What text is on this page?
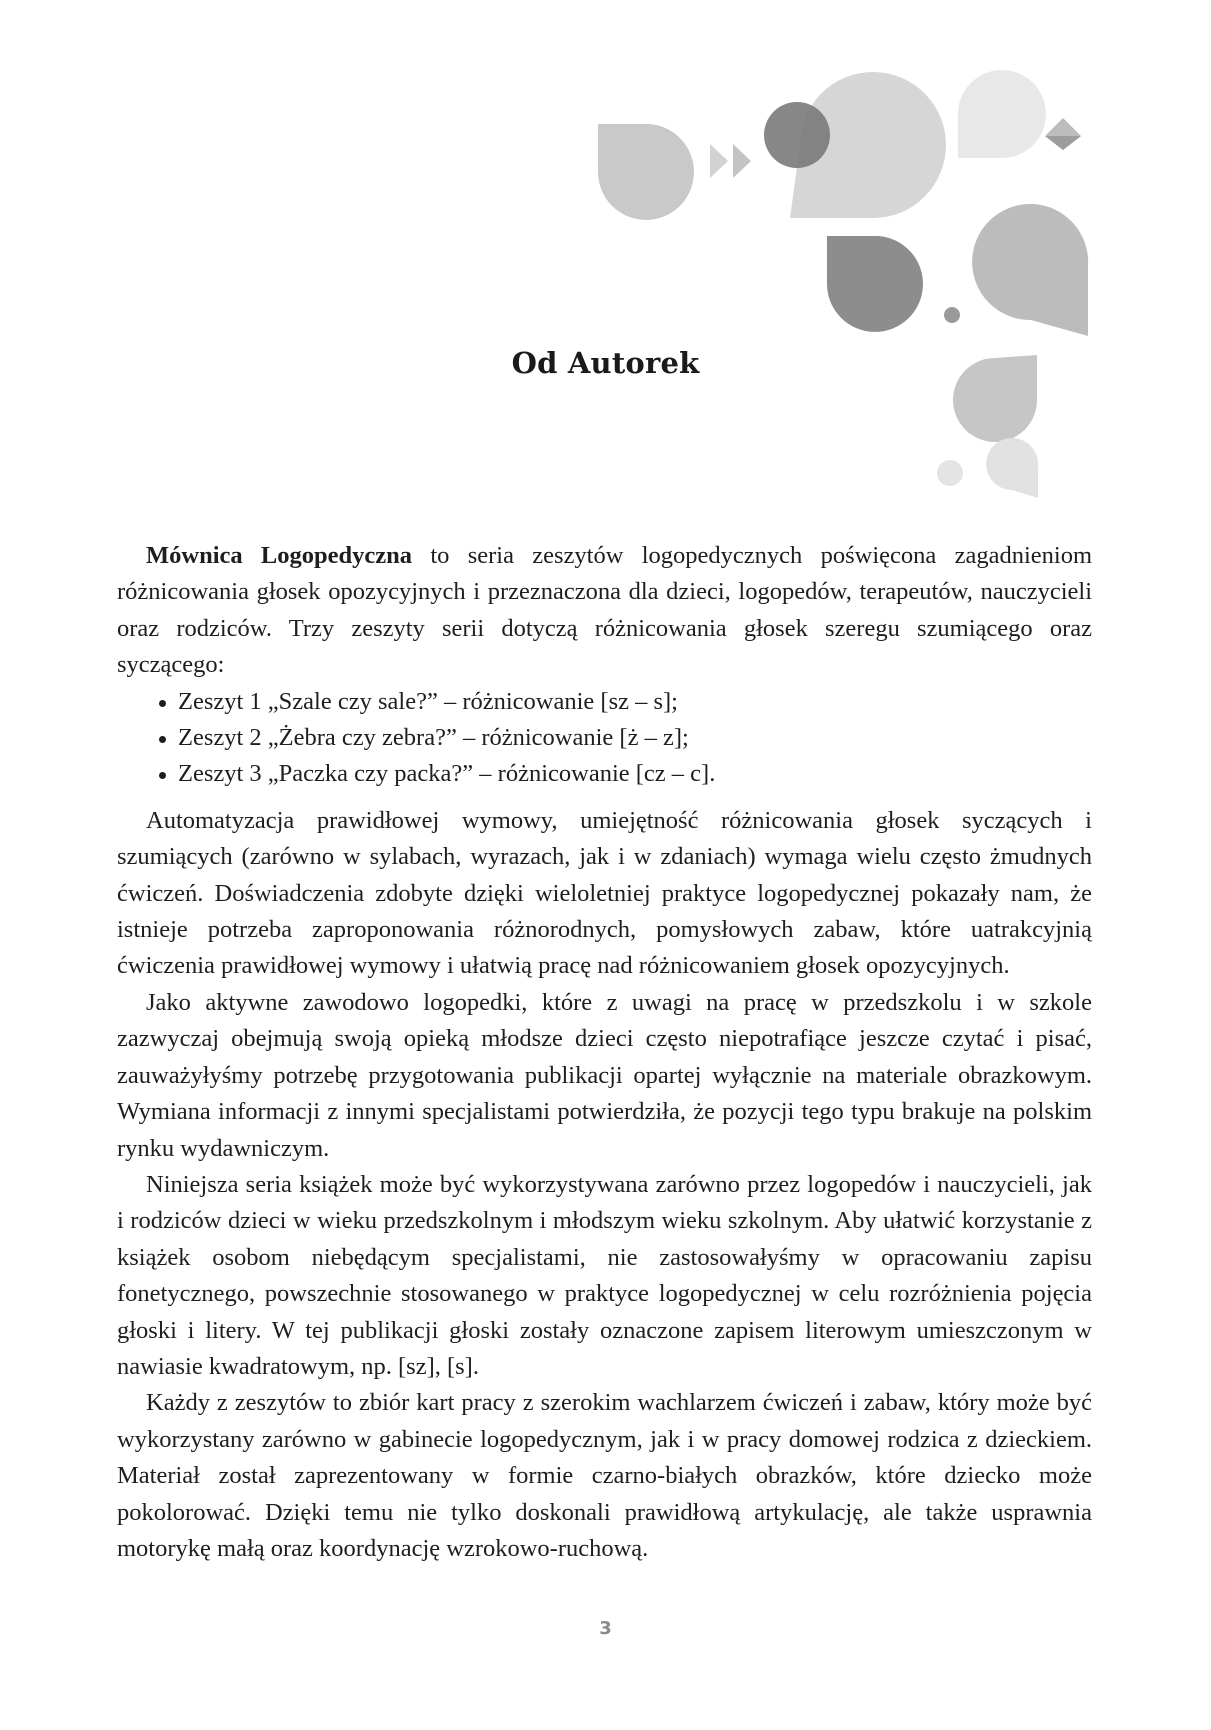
Od Autorek

Mównica Logopedyczna to seria zeszytów logopedycznych poświęcona zagadnieniom różnicowania głosek opozycyjnych i przeznaczona dla dzieci, logopedów, terapeutów, nauczycieli oraz rodziców. Trzy zeszyty serii dotyczą różnicowania głosek szeregu szumiącego oraz syczącego:

Zeszyt 1 „Szale czy sale?” – różnicowanie [sz – s];
Zeszyt 2 „Żebra czy zebra?” – różnicowanie [ż – z];
Zeszyt 3 „Paczka czy packa?” – różnicowanie [cz – c].

Automatyzacja prawidłowej wymowy, umiejętność różnicowania głosek syczących i szumiących (zarówno w sylabach, wyrazach, jak i w zdaniach) wymaga wielu często żmudnych ćwiczeń. Doświadczenia zdobyte dzięki wieloletniej praktyce logopedycznej pokazały nam, że istnieje potrzeba zaproponowania różnorodnych, pomysłowych zabaw, które uatrakcyjnią ćwiczenia prawidłowej wymowy i ułatwią pracę nad różnicowaniem głosek opozycyjnych.

Jako aktywne zawodowo logopedki, które z uwagi na pracę w przedszkolu i w szkole zazwyczaj obejmują swoją opieką młodsze dzieci często niepotrafiące jeszcze czytać i pisać, zauważyłyśmy potrzebę przygotowania publikacji opartej wyłącznie na materiale obrazkowym. Wymiana informacji z innymi specjalistami potwierdziła, że pozycji tego typu brakuje na polskim rynku wydawniczym.

Niniejsza seria książek może być wykorzystywana zarówno przez logopedów i nauczycieli, jak i rodziców dzieci w wieku przedszkolnym i młodszym wieku szkolnym. Aby ułatwić korzystanie z książek osobom niebędącym specjalistami, nie zastosowałyśmy w opracowaniu zapisu fonetycznego, powszechnie stosowanego w praktyce logopedycznej w celu rozróżnienia pojęcia głoski i litery. W tej publikacji głoski zostały oznaczone zapisem literowym umieszczonym w nawiasie kwadratowym, np. [sz], [s].

Każdy z zeszytów to zbiór kart pracy z szerokim wachlarzem ćwiczeń i zabaw, który może być wykorzystany zarówno w gabinecie logopedycznym, jak i w pracy domowej rodzica z dzieckiem. Materiał został zaprezentowany w formie czarno-białych obrazków, które dziecko może pokolorować. Dzięki temu nie tylko doskonali prawidłową artykulację, ale także usprawnia motorykę małą oraz koordynację wzrokowo-ruchową.

3
